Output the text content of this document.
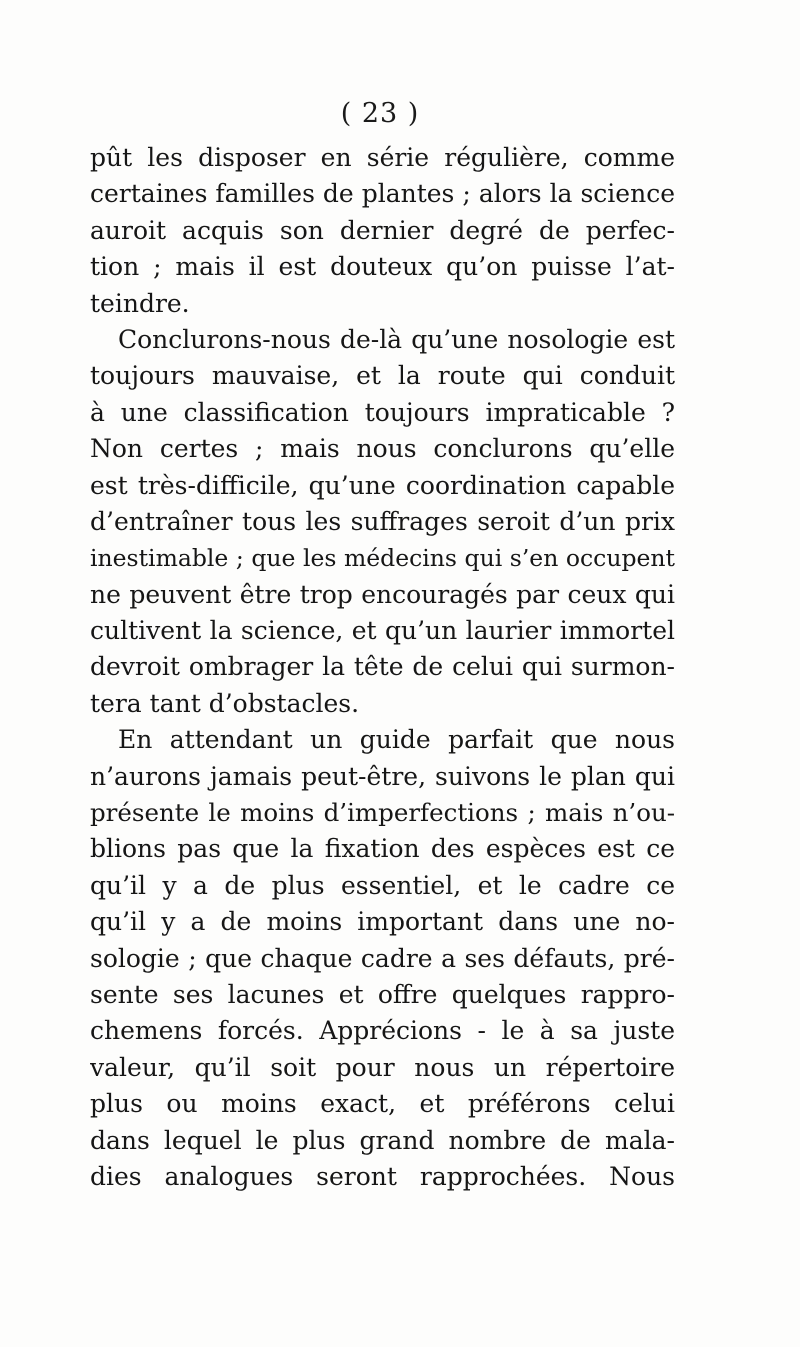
( 23 )
pût les disposer en série régulière, comme
certaines familles de plantes ; alors la science
auroit acquis son dernier degré de perfec-
tion ; mais il est douteux qu’on puisse l’at-
teindre.
Conclurons-nous de-là qu’une nosologie est
toujours mauvaise, et la route qui conduit
à une classification toujours impraticable ?
Non certes ; mais nous conclurons qu’elle
est très-difficile, qu’une coordination capable
d’entraîner tous les suffrages seroit d’un prix
inestimable ; que les médecins qui s’en occupent
ne peuvent être trop encouragés par ceux qui
cultivent la science, et qu’un laurier immortel
devroit ombrager la tête de celui qui surmon-
tera tant d’obstacles.
En attendant un guide parfait que nous
n’aurons jamais peut-être, suivons le plan qui
présente le moins d’imperfections ; mais n’ou-
blions pas que la fixation des espèces est ce
qu’il y a de plus essentiel, et le cadre ce
qu’il y a de moins important dans une no-
sologie ; que chaque cadre a ses défauts, pré-
sente ses lacunes et offre quelques rappro-
chemens forcés. Apprécions - le à sa juste
valeur, qu’il soit pour nous un répertoire
plus ou moins exact, et préférons celui
dans lequel le plus grand nombre de mala-
dies analogues seront rapprochées. Nous
